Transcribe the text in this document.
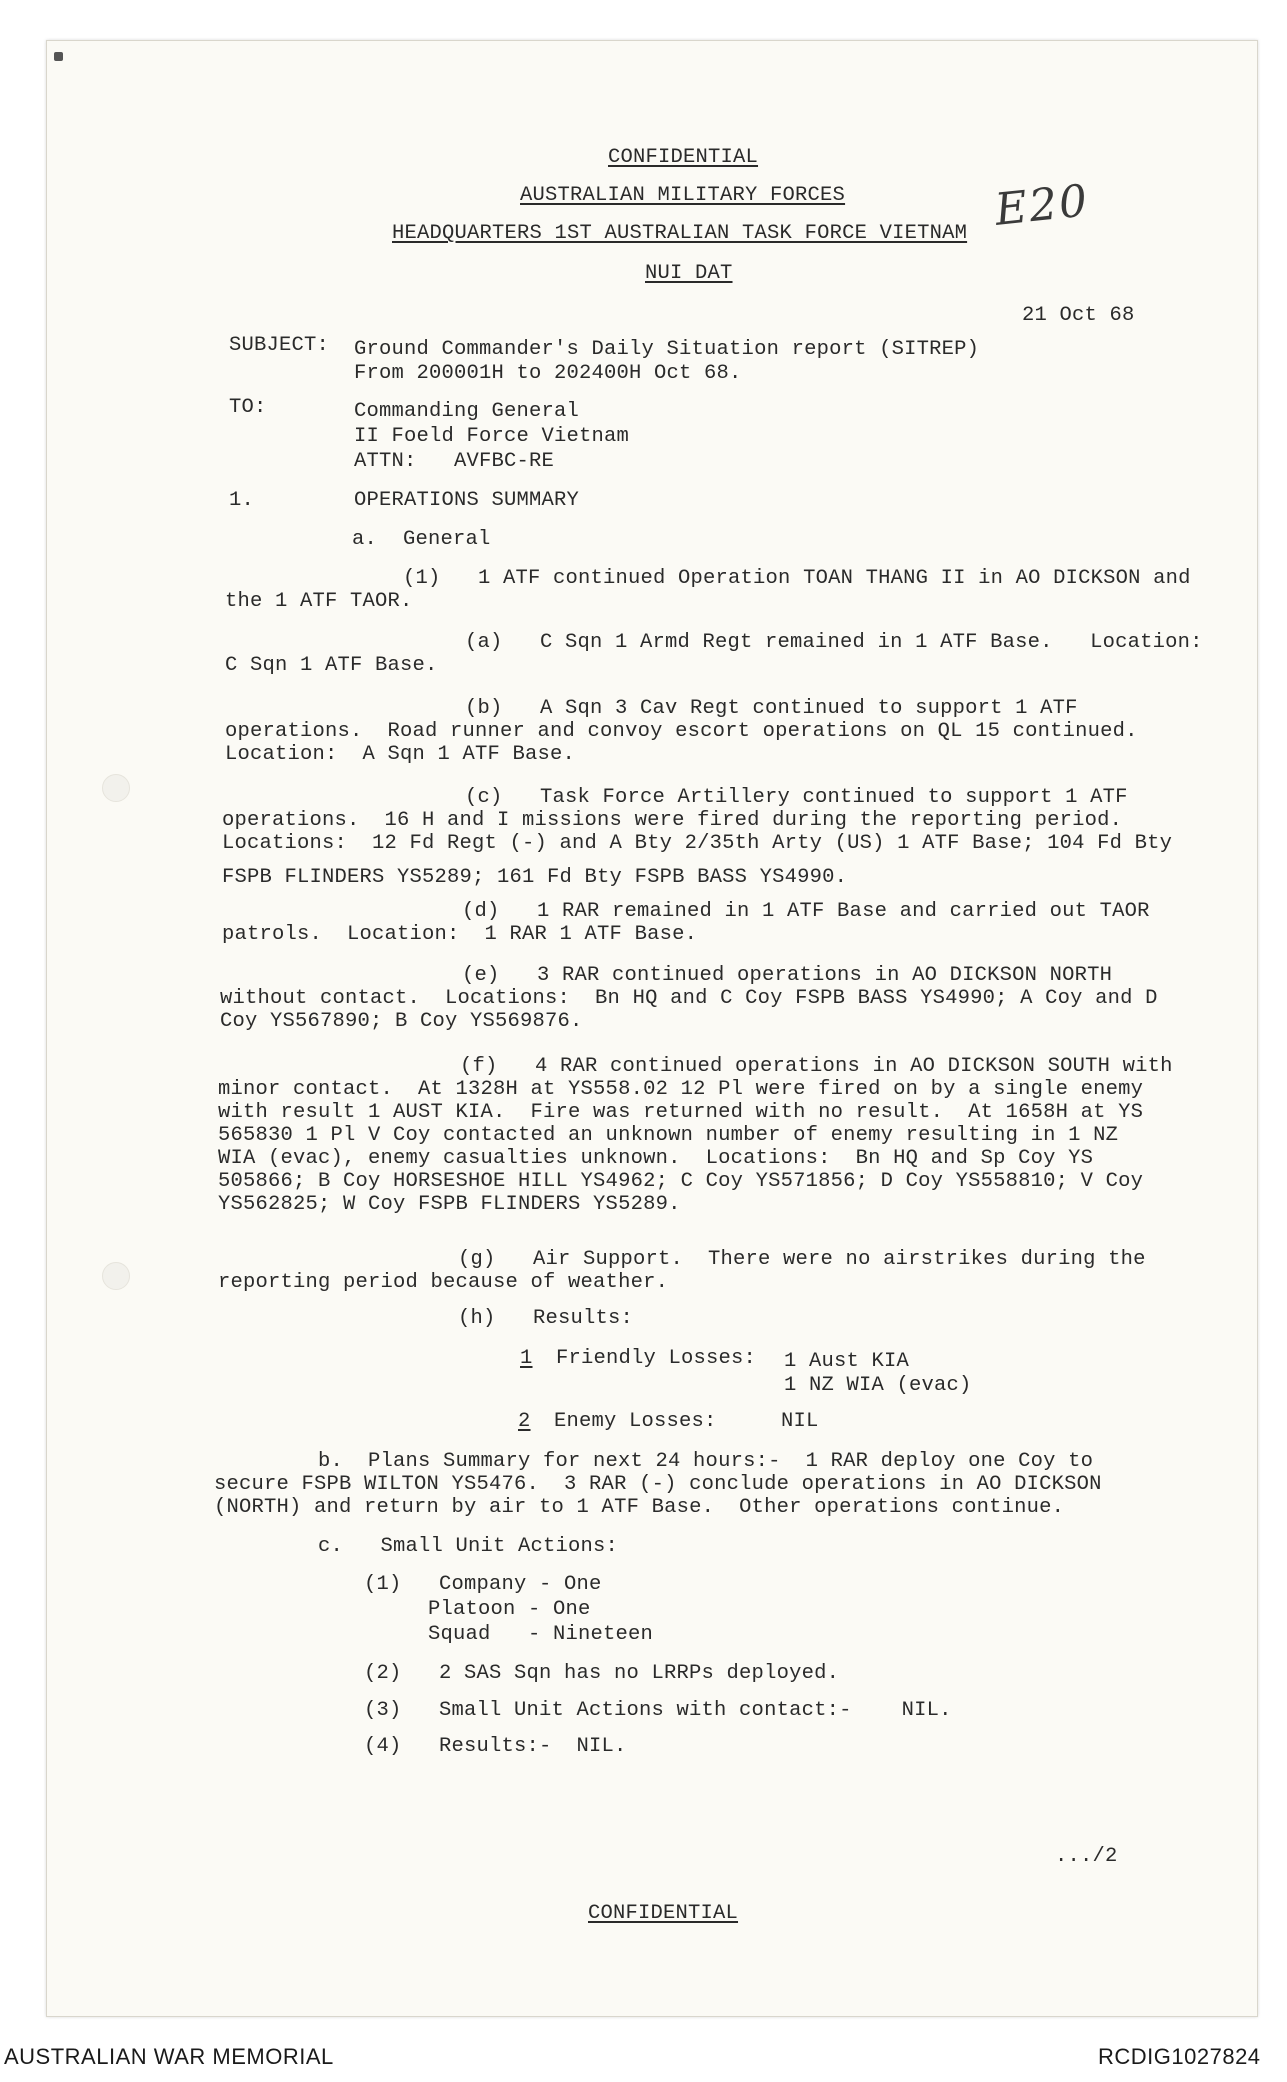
CONFIDENTIAL
AUSTRALIAN MILITARY FORCES
HEADQUARTERS 1ST AUSTRALIAN TASK FORCE VIETNAM
NUI DAT
E20
21 Oct 68
SUBJECT: Ground Commander's Daily Situation report (SITREP)
From 200001H to 202400H Oct 68.
TO:	Commanding General
II Foeld Force Vietnam
ATTN:   AVFBC-RE
1.	OPERATIONS SUMMARY
a. General
(1)   1 ATF continued Operation TOAN THANG II in AO DICKSON and
the 1 ATF TAOR.
(a)   C Sqn 1 Armd Regt remained in 1 ATF Base.   Location:
C Sqn 1 ATF Base.
(b)   A Sqn 3 Cav Regt continued to support 1 ATF
operations.  Road runner and convoy escort operations on QL 15 continued.
Location:  A Sqn 1 ATF Base.
(c)   Task Force Artillery continued to support 1 ATF
operations.  16 H and I missions were fired during the reporting period.
Locations:  12 Fd Regt (-) and A Bty 2/35th Arty (US) 1 ATF Base; 104 Fd Bty
FSPB FLINDERS YS5289; 161 Fd Bty FSPB BASS YS4990.
(d)   1 RAR remained in 1 ATF Base and carried out TAOR
patrols.  Location:  1 RAR 1 ATF Base.
(e)   3 RAR continued operations in AO DICKSON NORTH
without contact.  Locations:  Bn HQ and C Coy FSPB BASS YS4990; A Coy and D
Coy YS567890; B Coy YS569876.
(f)   4 RAR continued operations in AO DICKSON SOUTH with
minor contact.  At 1328H at YS558.02 12 Pl were fired on by a single enemy
with result 1 AUST KIA.  Fire was returned with no result.  At 1658H at YS
565830 1 Pl V Coy contacted an unknown number of enemy resulting in 1 NZ
WIA (evac), enemy casualties unknown.  Locations:  Bn HQ and Sp Coy YS
505866; B Coy HORSESHOE HILL YS4962; C Coy YS571856; D Coy YS558810; V Coy
YS562825; W Coy FSPB FLINDERS YS5289.
(g)   Air Support.  There were no airstrikes during the
reporting period because of weather.
(h)   Results:
1 Friendly Losses: 1 Aust KIA
1 NZ WIA (evac)
2 Enemy Losses:	NIL
b.  Plans Summary for next 24 hours:-  1 RAR deploy one Coy to
secure FSPB WILTON YS5476.  3 RAR (-) conclude operations in AO DICKSON
(NORTH) and return by air to 1 ATF Base.  Other operations continue.
c.   Small Unit Actions:
(1)   Company - One
Platoon - One
Squad   - Nineteen
(2)   2 SAS Sqn has no LRRPs deployed.
(3)   Small Unit Actions with contact:-    NIL.
(4)   Results:-  NIL.
.../2
CONFIDENTIAL
AUSTRALIAN WAR MEMORIAL	RCDIG1027824
